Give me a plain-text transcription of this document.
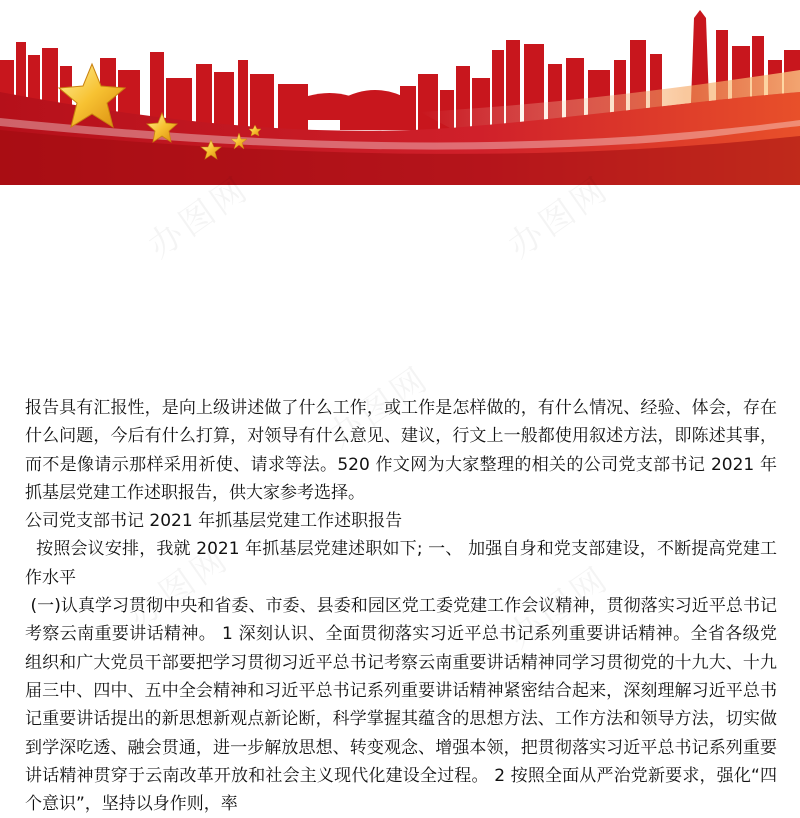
报告具有汇报性，是向上级讲述做了什么工作，或工作是怎样做的，有什么情况、经验、体会，存在什么问题，今后有什么打算，对领导有什么意见、建议，行文上一般都使用叙述方法，即陈述其事，而不是像请示那样采用祈使、请求等法。520 作文网为大家整理的相关的公司党支部书记 2021 年抓基层党建工作述职报告，供大家参考选择。

公司党支部书记 2021 年抓基层党建工作述职报告

按照会议安排，我就 2021 年抓基层党建述职如下; 一、 加强自身和党支部建设，不断提高党建工作水平

(一)认真学习贯彻中央和省委、市委、县委和园区党工委党建工作会议精神，贯彻落实习近平总书记考察云南重要讲话精神。 1 深刻认识、全面贯彻落实习近平总书记系列重要讲话精神。全省各级党组织和广大党员干部要把学习贯彻习近平总书记考察云南重要讲话精神同学习贯彻党的十九大、十九届三中、四中、五中全会精神和习近平总书记系列重要讲话精神紧密结合起来，深刻理解习近平总书记重要讲话提出的新思想新观点新论断，科学掌握其蕴含的思想方法、工作方法和领导方法，切实做到学深吃透、融会贯通，进一步解放思想、转变观念、增强本领，把贯彻落实习近平总书记系列重要讲话精神贯穿于云南改革开放和社会主义现代化建设全过程。 2 按照全面从严治党新要求，强化“四个意识”，坚持以身作则，率
